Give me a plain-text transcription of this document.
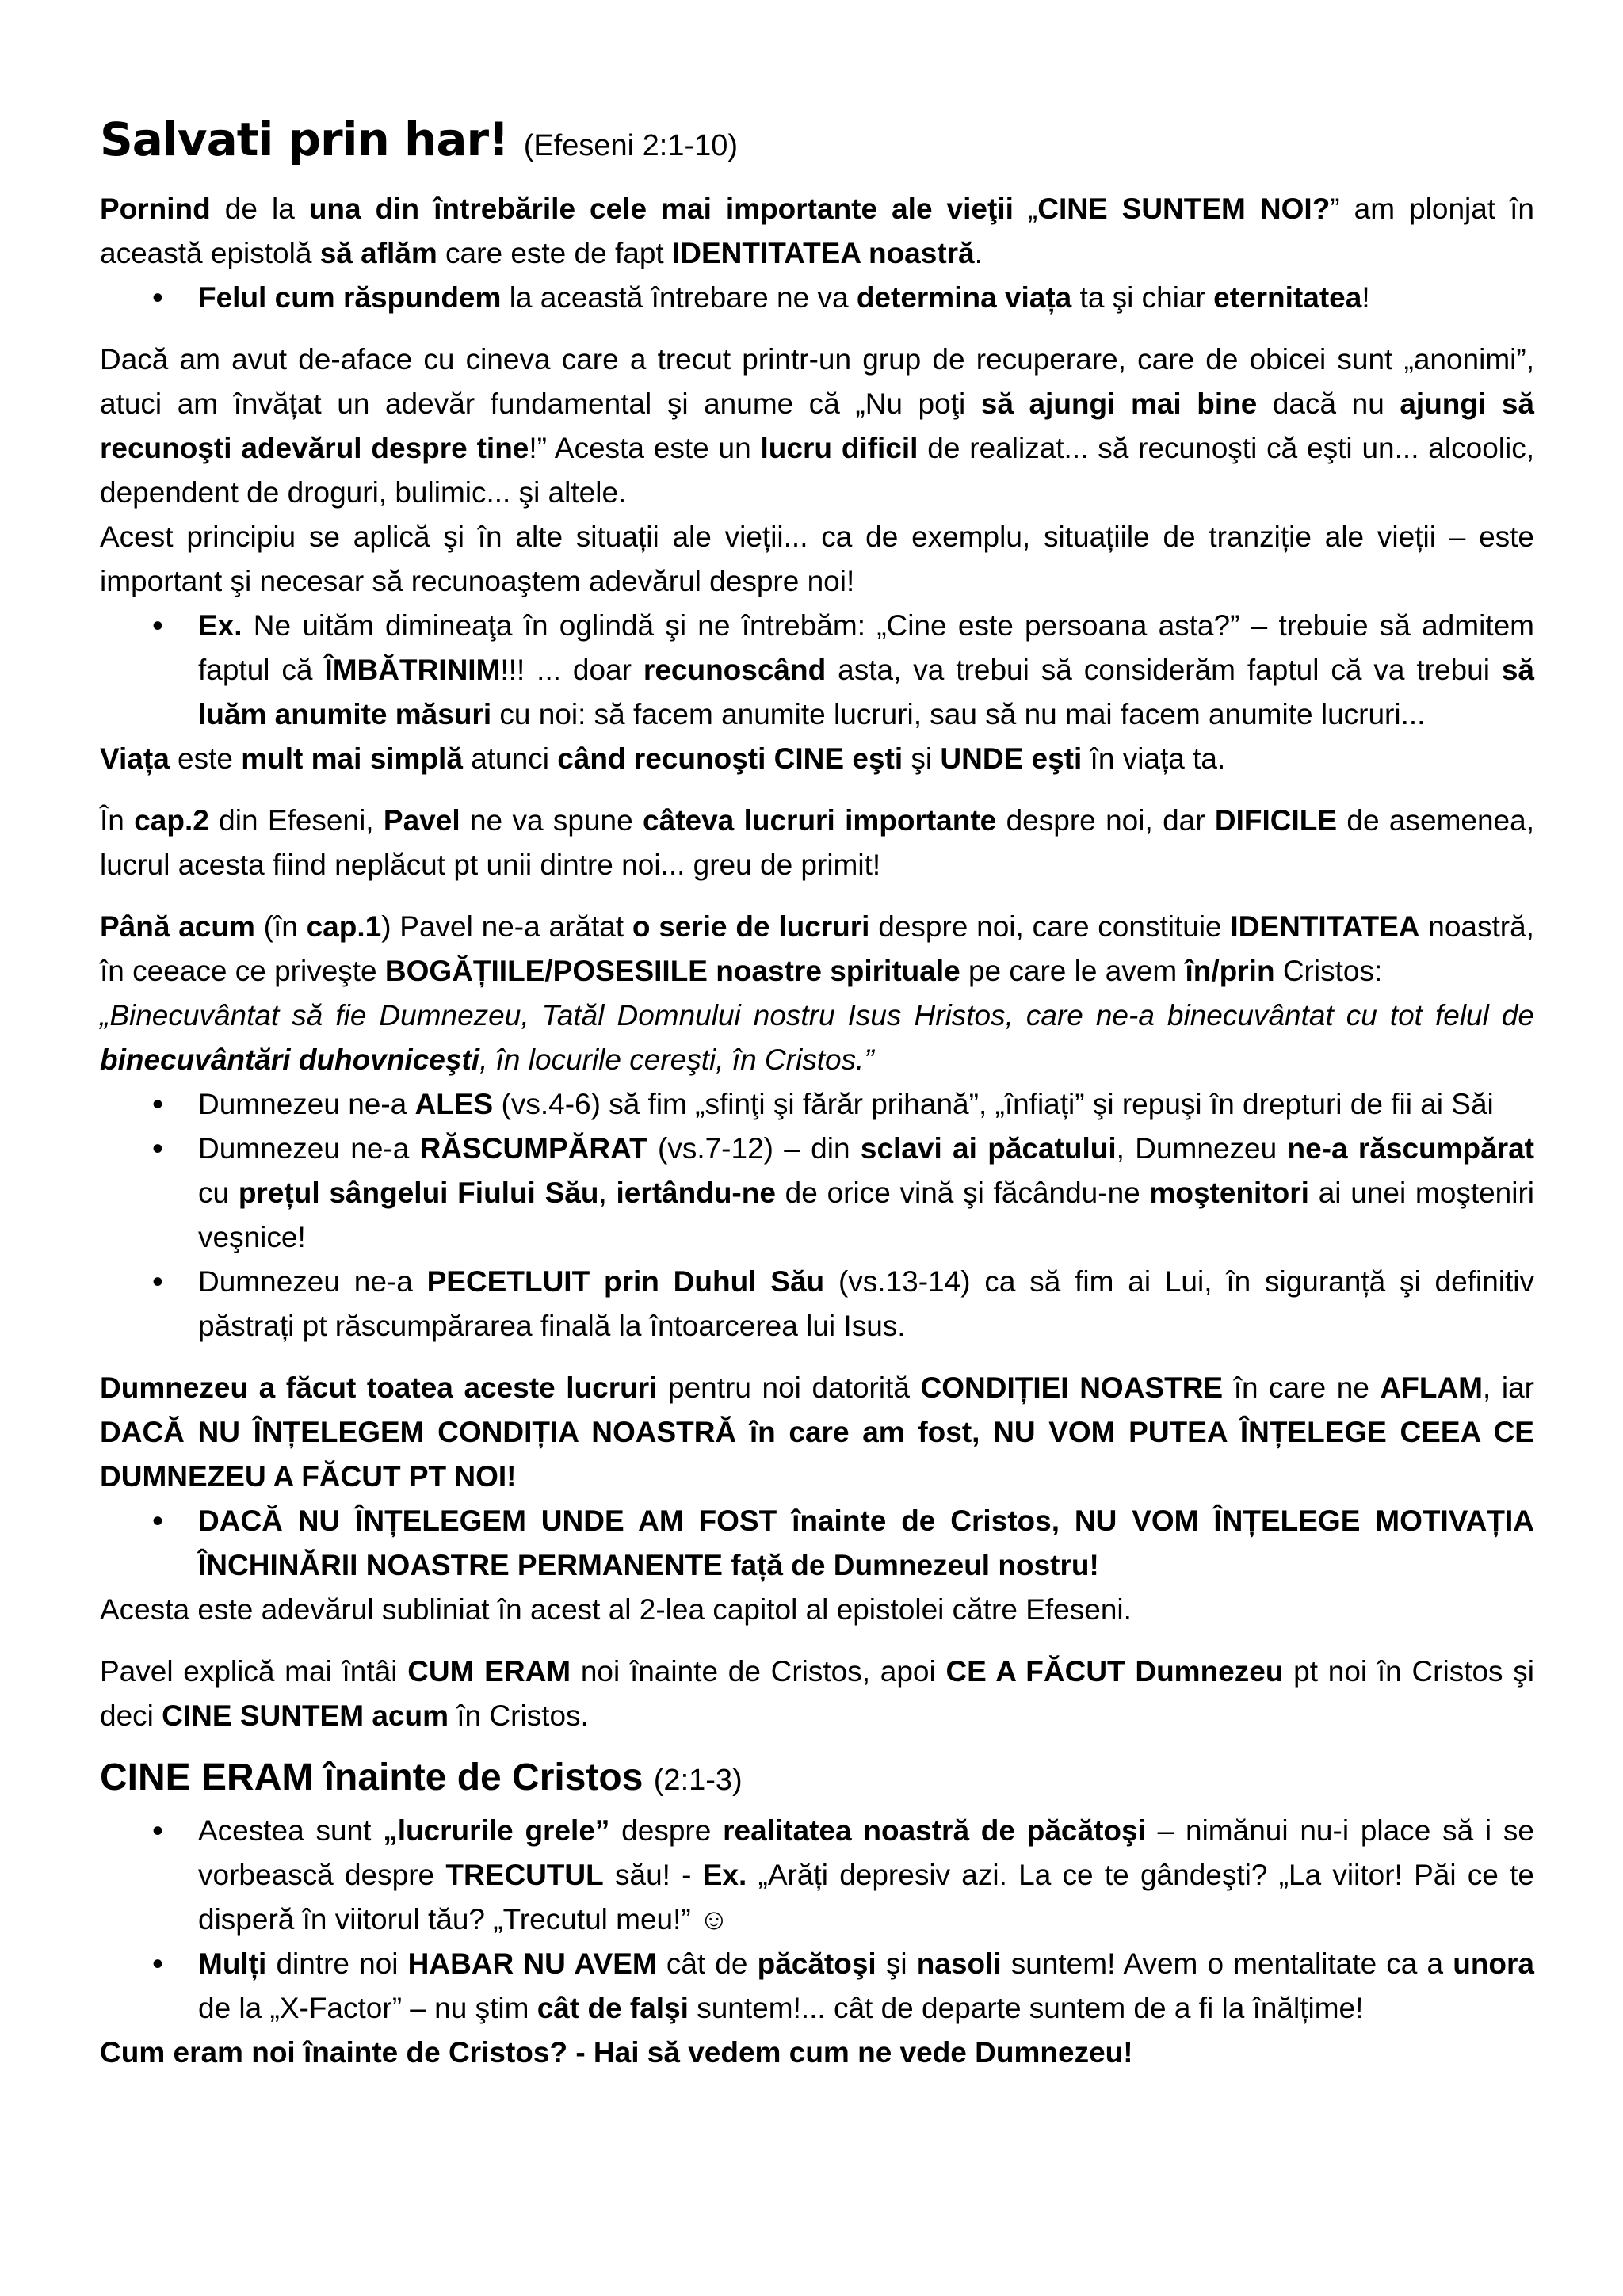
Salvati prin har! (Efeseni 2:1-10)

Pornind de la una din întrebările cele mai importante ale vieţii „CINE SUNTEM NOI?” am plonjat în această epistolă să aflăm care este de fapt IDENTITATEA noastră.

• Felul cum răspundem la această întrebare ne va determina viața ta şi chiar eternitatea!

Dacă am avut de-aface cu cineva care a trecut printr-un grup de recuperare, care de obicei sunt „anonimi”, atuci am învățat un adevăr fundamental şi anume că „Nu poţi să ajungi mai bine dacă nu ajungi să recunoşti adevărul despre tine!” Acesta este un lucru dificil de realizat... să recunoşti că eşti un... alcoolic, dependent de droguri, bulimic... şi altele.

Acest principiu se aplică şi în alte situații ale vieții... ca de exemplu, situațiile de tranziție ale vieții – este important şi necesar să recunoaştem adevărul despre noi!

• Ex. Ne uităm dimineaţa în oglindă şi ne întrebăm: „Cine este persoana asta?” – trebuie să admitem faptul că ÎMBĂTRINIM!!! ... doar recunoscând asta, va trebui să considerăm faptul că va trebui să luăm anumite măsuri cu noi: să facem anumite lucruri, sau să nu mai facem anumite lucruri...

Viața este mult mai simplă atunci când recunoşti CINE eşti şi UNDE eşti în viața ta.

În cap.2 din Efeseni, Pavel ne va spune câteva lucruri importante despre noi, dar DIFICILE de asemenea, lucrul acesta fiind neplăcut pt unii dintre noi... greu de primit!

Până acum (în cap.1) Pavel ne-a arătat o serie de lucruri despre noi, care constituie IDENTITATEA noastră, în ceeace ce priveşte BOGĂȚIILE/POSESIILE noastre spirituale pe care le avem în/prin Cristos:

„Binecuvântat să fie Dumnezeu, Tatăl Domnului nostru Isus Hristos, care ne-a binecuvântat cu tot felul de binecuvântări duhovniceşti, în locurile cereşti, în Cristos.”

• Dumnezeu ne-a ALES (vs.4-6) să fim „sfinţi şi fărăr prihană”, „înfiați” şi repuşi în drepturi de fii ai Săi
• Dumnezeu ne-a RĂSCUMPĂRAT (vs.7-12) – din sclavi ai păcatului, Dumnezeu ne-a răscumpărat cu prețul sângelui Fiului Său, iertându-ne de orice vină şi făcându-ne moştenitori ai unei moşteniri veşnice!
• Dumnezeu ne-a PECETLUIT prin Duhul Său (vs.13-14) ca să fim ai Lui, în siguranță şi definitiv păstrați pt răscumpărarea finală la întoarcerea lui Isus.

Dumnezeu a făcut toatea aceste lucruri pentru noi datorită CONDIȚIEI NOASTRE în care ne AFLAM, iar DACĂ NU ÎNȚELEGEM CONDIȚIA NOASTRĂ în care am fost, NU VOM PUTEA ÎNȚELEGE CEEA CE DUMNEZEU A FĂCUT PT NOI!

• DACĂ NU ÎNȚELEGEM UNDE AM FOST înainte de Cristos, NU VOM ÎNȚELEGE MOTIVAȚIA ÎNCHINĂRII NOASTRE PERMANENTE față de Dumnezeul nostru!

Acesta este adevărul subliniat în acest al 2-lea capitol al epistolei către Efeseni.

Pavel explică mai întâi CUM ERAM noi înainte de Cristos, apoi CE A FĂCUT Dumnezeu pt noi în Cristos şi deci CINE SUNTEM acum în Cristos.

CINE ERAM înainte de Cristos (2:1-3)
• Acestea sunt „lucrurile grele” despre realitatea noastră de păcătoşi – nimănui nu-i place să i se vorbească despre TRECUTUL său! - Ex. „Arăți depresiv azi. La ce te gândeşti? „La viitor! Păi ce te disperă în viitorul tău? „Trecutul meu!” ☺
• Mulți dintre noi HABAR NU AVEM cât de păcătoşi şi nasoli suntem! Avem o mentalitate ca a unora de la „X-Factor” – nu ştim cât de falşi suntem!... cât de departe suntem de a fi la înălțime!

Cum eram noi înainte de Cristos? - Hai să vedem cum ne vede Dumnezeu!
